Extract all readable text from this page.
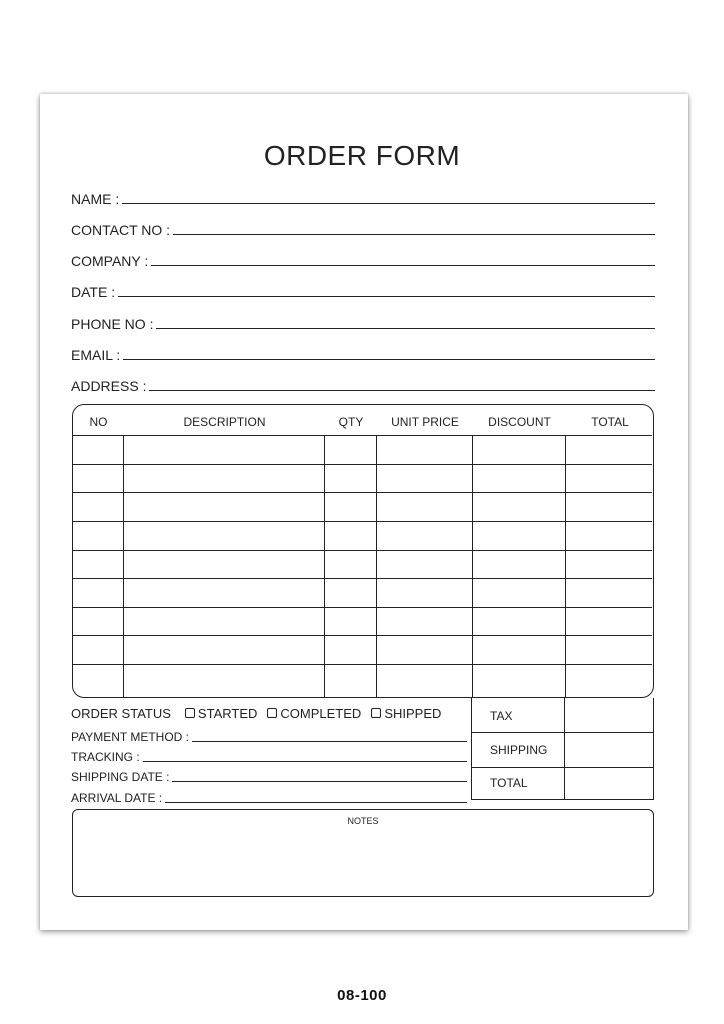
ORDER FORM
NAME :
CONTACT NO :
COMPANY :
DATE :
PHONE NO :
EMAIL :
ADDRESS :
NO	DESCRIPTION	QTY	UNIT PRICE	DISCOUNT	TOTAL
ORDER STATUS STARTED COMPLETED SHIPPED
PAYMENT METHOD :
TRACKING :
SHIPPING DATE :
ARRIVAL DATE :
TAX
SHIPPING
TOTAL
NOTES
08-100
